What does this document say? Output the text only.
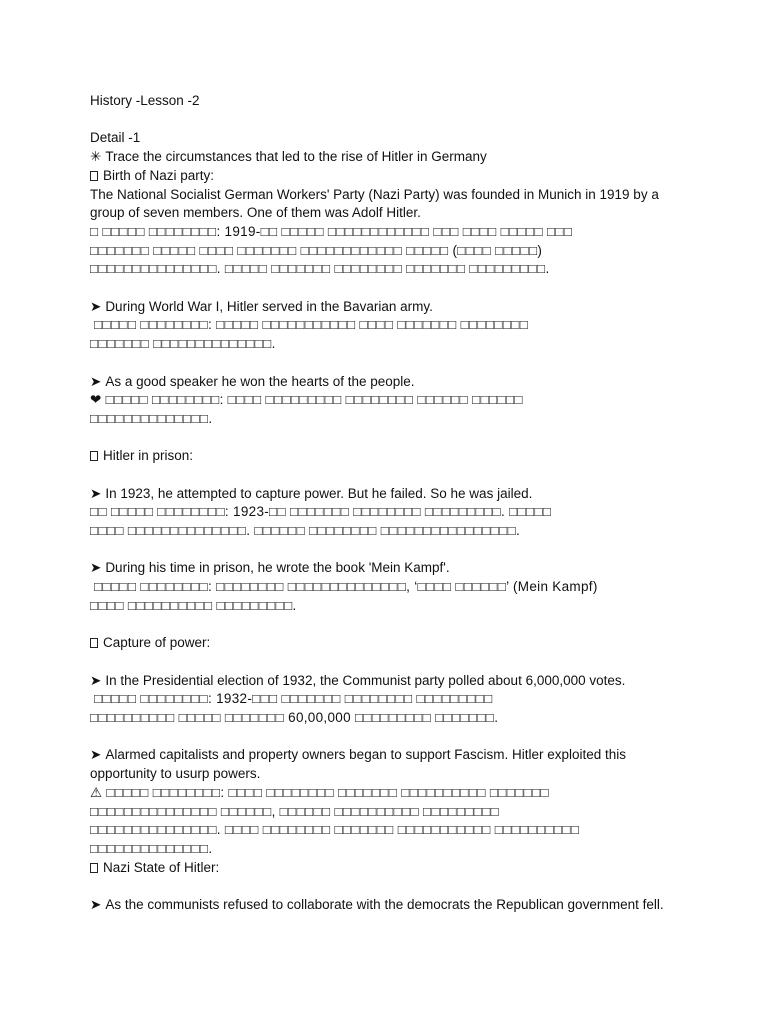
History -Lesson -2
Detail -1
✳ Trace the circumstances that led to the rise of Hitler in Germany
Birth of Nazi party:
The National Socialist German Workers' Party (Nazi Party) was founded in Munich in 1919 by a group of seven members. One of them was Adolf Hitler.
□ □□□□□ □□□□□□□□: 1919-□□ □□□□□ □□□□□□□□□□□□ □□□ □□□□ □□□□□ □□□
□□□□□□□ □□□□□ □□□□ □□□□□□□ □□□□□□□□□□□□ □□□□□ (□□□□ □□□□□)
□□□□□□□□□□□□□□□. □□□□□ □□□□□□□ □□□□□□□□ □□□□□□□ □□□□□□□□□.
➤ During World War I, Hitler served in the Bavarian army.
□□□□□ □□□□□□□□: □□□□□ □□□□□□□□□□□ □□□□ □□□□□□□ □□□□□□□□
□□□□□□□ □□□□□□□□□□□□□□.
➤ As a good speaker he won the hearts of the people.
❤ □□□□□ □□□□□□□□: □□□□ □□□□□□□□□ □□□□□□□□ □□□□□□ □□□□□□
□□□□□□□□□□□□□□.
Hitler in prison:
➤ In 1923, he attempted to capture power. But he failed. So he was jailed.
□□ □□□□□ □□□□□□□□: 1923-□□ □□□□□□□ □□□□□□□□ □□□□□□□□□. □□□□□
□□□□ □□□□□□□□□□□□□□. □□□□□□ □□□□□□□□ □□□□□□□□□□□□□□□□.
➤ During his time in prison, he wrote the book 'Mein Kampf'.
□□□□□ □□□□□□□□: □□□□□□□□ □□□□□□□□□□□□□□, ‘□□□□ □□□□□□’ (Mein Kampf)
□□□□ □□□□□□□□□□ □□□□□□□□□.
Capture of power:
➤ In the Presidential election of 1932, the Communist party polled about 6,000,000 votes.
□□□□□ □□□□□□□□: 1932-□□□ □□□□□□□ □□□□□□□□ □□□□□□□□□
□□□□□□□□□□ □□□□□ □□□□□□□ 60,00,000 □□□□□□□□□ □□□□□□□.
➤ Alarmed capitalists and property owners began to support Fascism. Hitler exploited this opportunity to usurp powers.
⚠ □□□□□ □□□□□□□□: □□□□ □□□□□□□□ □□□□□□□ □□□□□□□□□□ □□□□□□□
□□□□□□□□□□□□□□□ □□□□□□, □□□□□□ □□□□□□□□□□ □□□□□□□□□
□□□□□□□□□□□□□□□. □□□□ □□□□□□□□ □□□□□□□ □□□□□□□□□□□ □□□□□□□□□□
□□□□□□□□□□□□□□.
Nazi State of Hitler:
➤ As the communists refused to collaborate with the democrats the Republican government fell.
